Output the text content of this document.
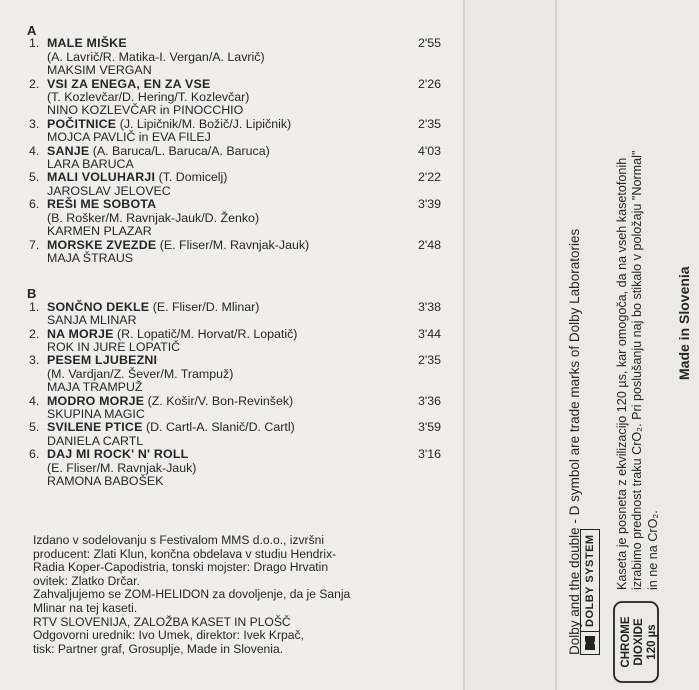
A

1. MALE MIŠKE	2'55
(A. Lavrič/R. Matika-I. Vergan/A. Lavrič)
MAKSIM VERGAN
2. VSI ZA ENEGA, EN ZA VSE	2'26
(T. Kozlevčar/D. Hering/T. Kozlevčar)
NINO KOZLEVČAR in PINOCCHIO
3. POČITNICE (J. Lipičnik/M. Božič/J. Lipičnik)	2'35
MOJCA PAVLIČ in EVA FILEJ
4. SANJE (A. Baruca/L. Baruca/A. Baruca)	4'03
LARA BARUCA
5. MALI VOLUHARJI (T. Domicelj)	2'22
JAROSLAV JELOVEC
6. REŠI ME SOBOTA	3'39
(B. Rošker/M. Ravnjak-Jauk/D. Ženko)
KARMEN PLAZAR
7. MORSKE ZVEZDE (E. Fliser/M. Ravnjak-Jauk)	2'48
MAJA ŠTRAUS

B

1. SONČNO DEKLE (E. Fliser/D. Mlinar)	3'38
SANJA MLINAR
2. NA MORJE (R. Lopatič/M. Horvat/R. Lopatič)	3'44
ROK IN JURE LOPATIČ
3. PESEM LJUBEZNI	2'35
(M. Vardjan/Z. Šever/M. Trampuž)
MAJA TRAMPUŽ
4. MODRO MORJE (Z. Košir/V. Bon-Revinšek)	3'36
SKUPINA MAGIC
5. SVILENE PTICE (D. Cartl-A. Slanič/D. Cartl)	3'59
DANIELA CARTL
6. DAJ MI ROCK' N' ROLL	3'16
(E. Fliser/M. Ravnjak-Jauk)
RAMONA BABOŠEK
Izdano v sodelovanju s Festivalom MMS d.o.o., izvršni
producent: Zlati Klun, končna obdelava v studiu Hendrix-
Radia Koper-Capodistria, tonski mojster: Drago Hrvatin
ovitek: Zlatko Drčar.
Zahvaljujemo se ZOM-HELIDON za dovoljenje, da je Sanja
Mlinar na tej kaseti.
RTV SLOVENIJA, ZALOŽBA KASET IN PLOŠČ
Odgovorni urednik: Ivo Umek, direktor: Ivek Krpač,
tisk: Partner graf, Grosuplje, Made in Slovenia.	Dolby and the double - D symbol are trade marks of Dolby Laboratories DOLBY SYSTEM Kaseta je posneta z ekvilizacijo 120 µs, kar omogoča, da na vseh kasetofonih izrabimo prednost traku CrO₂. Pri poslušanju naj bo stikalo v položaju "Normal" in ne na CrO₂.
Made in Slovenia
CHROME DIOXIDE 120 µs
